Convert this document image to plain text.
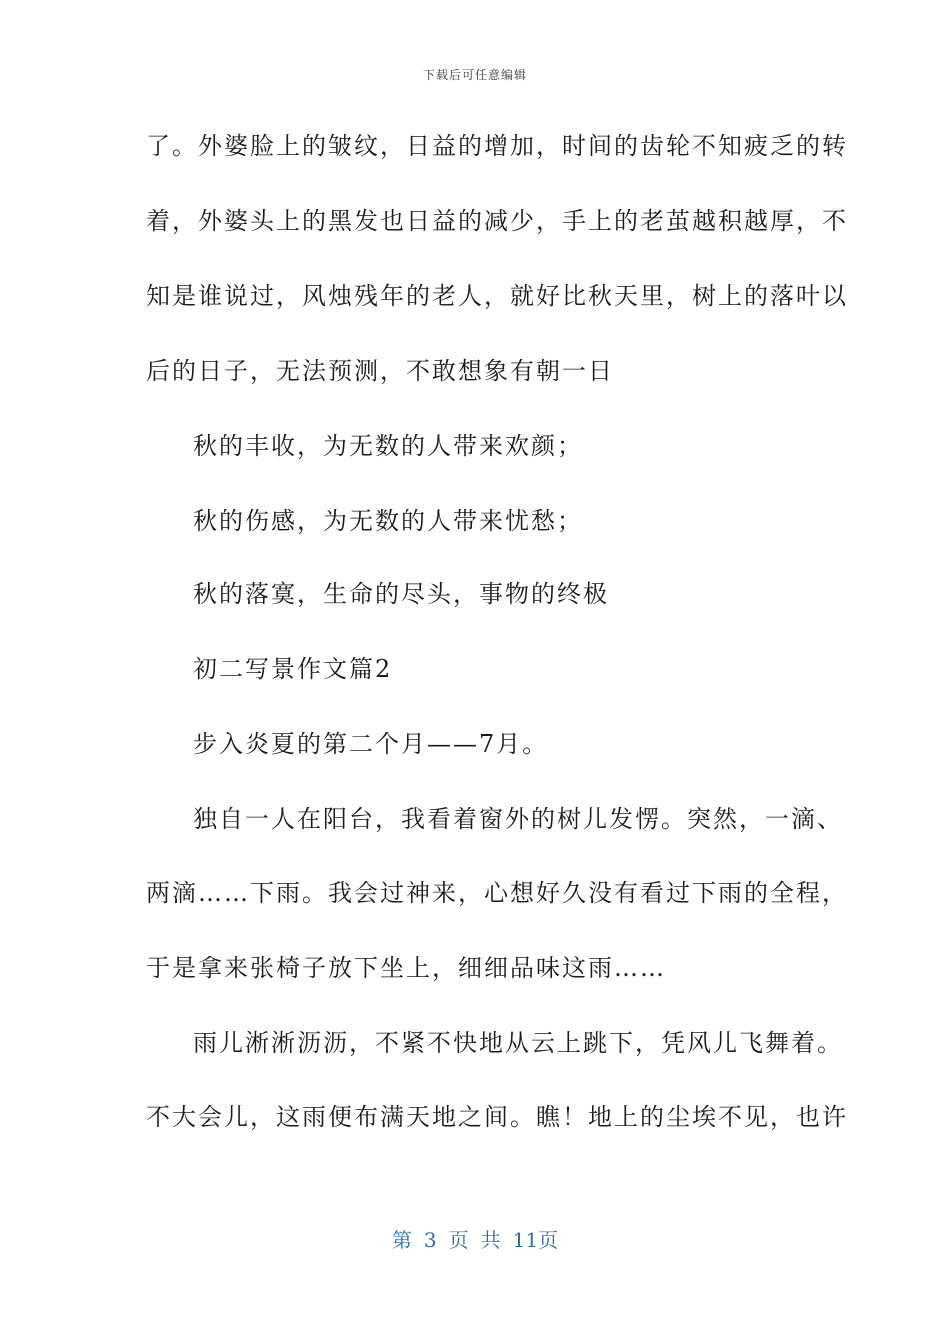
下载后可任意编辑
了。外婆脸上的皱纹，日益的增加，时间的齿轮不知疲乏的转
着，外婆头上的黑发也日益的减少，手上的老茧越积越厚，不
知是谁说过，风烛残年的老人，就好比秋天里，树上的落叶以
后的日子，无法预测，不敢想象有朝一日
秋的丰收，为无数的人带来欢颜；
秋的伤感，为无数的人带来忧愁；
秋的落寞，生命的尽头，事物的终极
初二写景作文篇2
步入炎夏的第二个月——7月。
独自一人在阳台，我看着窗外的树儿发愣。突然，一滴、
两滴……下雨。我会过神来，心想好久没有看过下雨的全程，
于是拿来张椅子放下坐上，细细品味这雨……
雨儿淅淅沥沥，不紧不快地从云上跳下，凭风儿飞舞着。
不大会儿，这雨便布满天地之间。瞧！地上的尘埃不见，也许
第 3 页 共 11页
